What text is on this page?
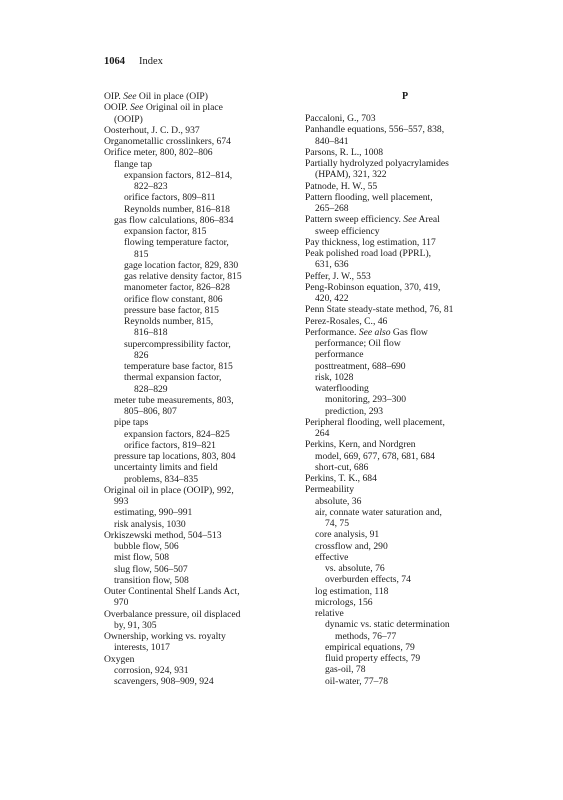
1064 Index
OIP. See Oil in place (OIP)
OOIP. See Original oil in place
(OOIP)
Oosterhout, J. C. D., 937
Organometallic crosslinkers, 674
Orifice meter, 800, 802–806
flange tap
expansion factors, 812–814,
822–823
orifice factors, 809–811
Reynolds number, 816–818
gas flow calculations, 806–834
expansion factor, 815
flowing temperature factor,
815
gage location factor, 829, 830
gas relative density factor, 815
manometer factor, 826–828
orifice flow constant, 806
pressure base factor, 815
Reynolds number, 815,
816–818
supercompressibility factor,
826
temperature base factor, 815
thermal expansion factor,
828–829
meter tube measurements, 803,
805–806, 807
pipe taps
expansion factors, 824–825
orifice factors, 819–821
pressure tap locations, 803, 804
uncertainty limits and field
problems, 834–835
Original oil in place (OOIP), 992,
993
estimating, 990–991
risk analysis, 1030
Orkiszewski method, 504–513
bubble flow, 506
mist flow, 508
slug flow, 506–507
transition flow, 508
Outer Continental Shelf Lands Act,
970
Overbalance pressure, oil displaced
by, 91, 305
Ownership, working vs. royalty
interests, 1017
Oxygen
corrosion, 924, 931
scavengers, 908–909, 924
P
Paccaloni, G., 703
Panhandle equations, 556–557, 838,
840–841
Parsons, R. L., 1008
Partially hydrolyzed polyacrylamides
(HPAM), 321, 322
Patnode, H. W., 55
Pattern flooding, well placement,
265–268
Pattern sweep efficiency. See Areal
sweep efficiency
Pay thickness, log estimation, 117
Peak polished road load (PPRL),
631, 636
Peffer, J. W., 553
Peng-Robinson equation, 370, 419,
420, 422
Penn State steady-state method, 76, 81
Perez-Rosales, C., 46
Performance. See also Gas flow
performance; Oil flow
performance
posttreatment, 688–690
risk, 1028
waterflooding
monitoring, 293–300
prediction, 293
Peripheral flooding, well placement,
264
Perkins, Kern, and Nordgren
model, 669, 677, 678, 681, 684
short-cut, 686
Perkins, T. K., 684
Permeability
absolute, 36
air, connate water saturation and,
74, 75
core analysis, 91
crossflow and, 290
effective
vs. absolute, 76
overburden effects, 74
log estimation, 118
micrologs, 156
relative
dynamic vs. static determination
methods, 76–77
empirical equations, 79
fluid property effects, 79
gas-oil, 78
oil-water, 77–78
